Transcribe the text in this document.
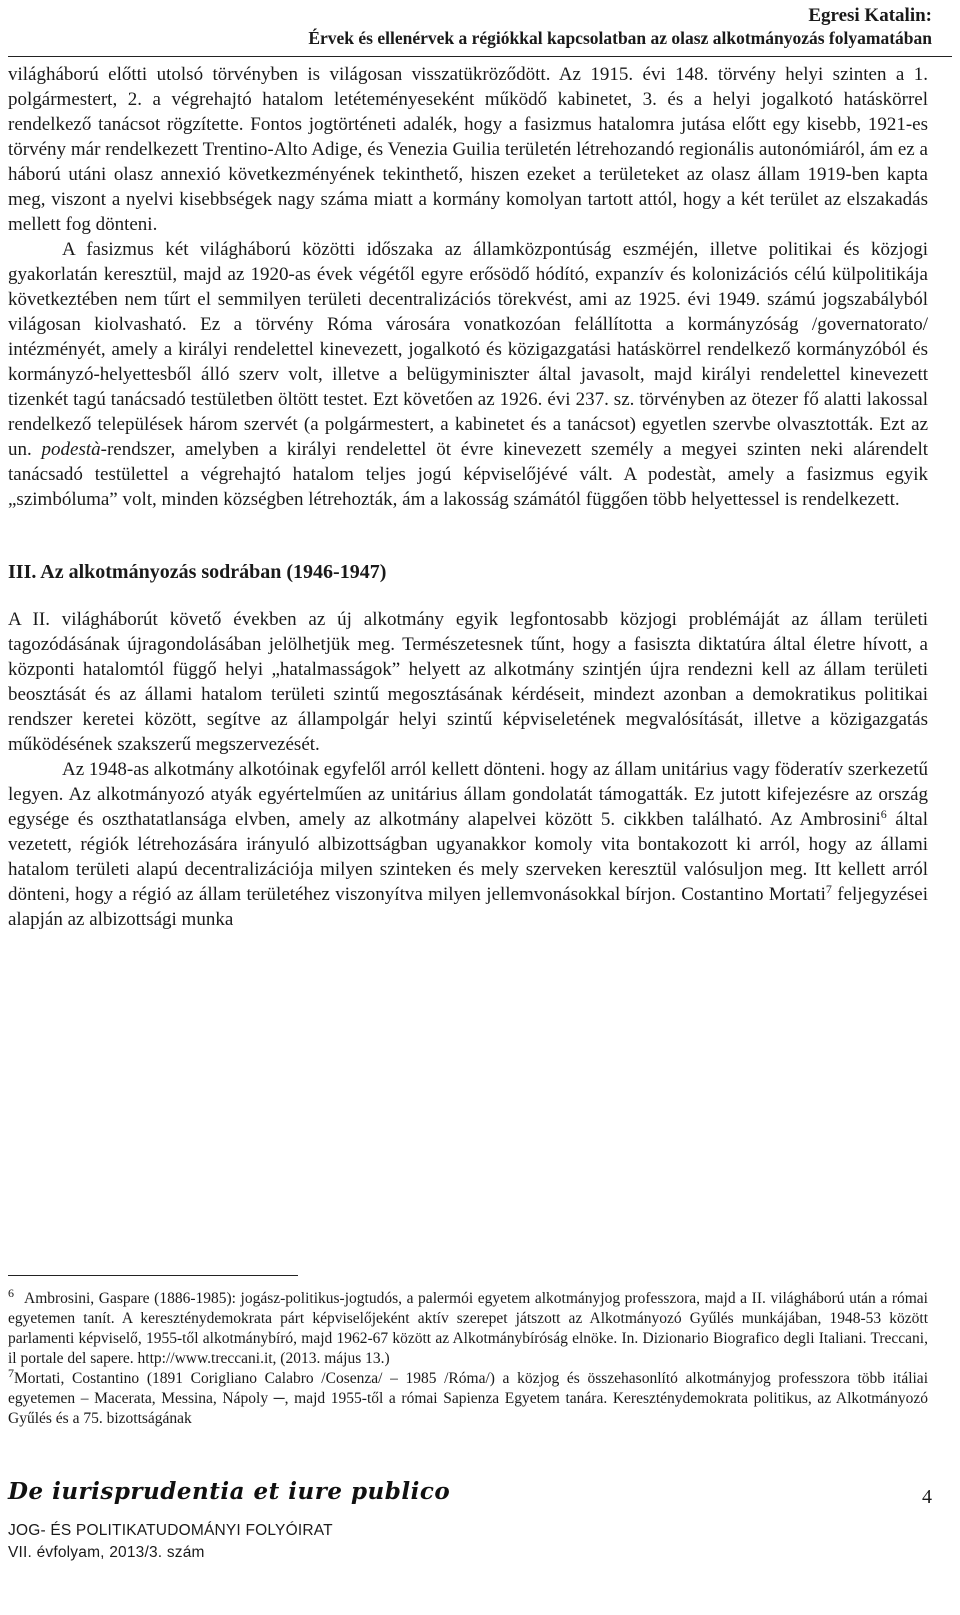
Egresi Katalin:
Érvek és ellenérvek a régiókkal kapcsolatban az olasz alkotmányozás folyamatában

világháború előtti utolsó törvényben is világosan visszatükröződött. Az 1915. évi 148. törvény helyi szinten a 1. polgármestert, 2. a végrehajtó hatalom letéteményeseként működő kabinetet, 3. és a helyi jogalkotó hatáskörrel rendelkező tanácsot rögzítette. Fontos jogtörténeti adalék, hogy a fasizmus hatalomra jutása előtt egy kisebb, 1921-es törvény már rendelkezett Trentino-Alto Adige, és Venezia Guilia területén létrehozandó regionális autonómiáról, ám ez a háború utáni olasz annexió következményének tekinthető, hiszen ezeket a területeket az olasz állam 1919-ben kapta meg, viszont a nyelvi kisebbségek nagy száma miatt a kormány komolyan tartott attól, hogy a két terület az elszakadás mellett fog dönteni.

A fasizmus két világháború közötti időszaka az államközpontúság eszméjén, illetve politikai és közjogi gyakorlatán keresztül, majd az 1920-as évek végétől egyre erősödő hódító, expanzív és kolonizációs célú külpolitikája következtében nem tűrt el semmilyen területi decentralizációs törekvést, ami az 1925. évi 1949. számú jogszabályból világosan kiolvasható. Ez a törvény Róma városára vonatkozóan felállította a kormányzóság /governatorato/ intézményét, amely a királyi rendelettel kinevezett, jogalkotó és közigazgatási hatáskörrel rendelkező kormányzóból és kormányzó-helyettesből álló szerv volt, illetve a belügyminiszter által javasolt, majd királyi rendelettel kinevezett tizenkét tagú tanácsadó testületben öltött testet. Ezt követően az 1926. évi 237. sz. törvényben az ötezer fő alatti lakossal rendelkező települések három szervét (a polgármestert, a kabinetet és a tanácsot) egyetlen szervbe olvasztották. Ezt az un. podestà-rendszer, amelyben a királyi rendelettel öt évre kinevezett személy a megyei szinten neki alárendelt tanácsadó testülettel a végrehajtó hatalom teljes jogú képviselőjévé vált. A podestàt, amely a fasizmus egyik „szimbóluma” volt, minden községben létrehozták, ám a lakosság számától függően több helyettessel is rendelkezett.

III. Az alkotmányozás sodrában (1946-1947)

A II. világháborút követő években az új alkotmány egyik legfontosabb közjogi problémáját az állam területi tagozódásának újragondolásában jelölhetjük meg. Természetesnek tűnt, hogy a fasiszta diktatúra által életre hívott, a központi hatalomtól függő helyi „hatalmasságok” helyett az alkotmány szintjén újra rendezni kell az állam területi beosztását és az állami hatalom területi szintű megosztásának kérdéseit, mindezt azonban a demokratikus politikai rendszer keretei között, segítve az állampolgár helyi szintű képviseletének megvalósítását, illetve a közigazgatás működésének szakszerű megszervezését.

Az 1948-as alkotmány alkotóinak egyfelől arról kellett dönteni. hogy az állam unitárius vagy föderatív szerkezetű legyen. Az alkotmányozó atyák egyértelműen az unitárius állam gondolatát támogatták. Ez jutott kifejezésre az ország egysége és oszthatatlansága elvben, amely az alkotmány alapelvei között 5. cikkben található. Az Ambrosini$^6$ által vezetett, régiók létrehozására irányuló albizottságban ugyanakkor komoly vita bontakozott ki arról, hogy az állami hatalom területi alapú decentralizációja milyen szinteken és mely szerveken keresztül valósuljon meg. Itt kellett arról dönteni, hogy a régió az állam területéhez viszonyítva milyen jellemvonásokkal bírjon. Costantino Mortati$^7$ feljegyzései alapján az albizottsági munka

$^6$ Ambrosini, Gaspare (1886-1985): jogász-politikus-jogtudós, a palermói egyetem alkotmányjog professzora, majd a II. világháború után a római egyetemen tanít. A kereszténydemokrata párt képviselőjeként aktív szerepet játszott az Alkotmányozó Gyűlés munkájában, 1948-53 között parlamenti képviselő, 1955-től alkotmánybíró, majd 1962-67 között az Alkotmánybíróság elnöke. In. Dizionario Biografico degli Italiani. Treccani, il portale del sapere. http://www.treccani.it, (2013. május 13.)

$^7$Mortati, Costantino (1891 Corigliano Calabro /Cosenza/ – 1985 /Róma/) a közjog és összehasonlító alkotmányjog professzora több itáliai egyetemen – Macerata, Messina, Nápoly ─, majd 1955-től a római Sapienza Egyetem tanára. Kereszténydemokrata politikus, az Alkotmányozó Gyűlés és a 75. bizottságának

De iurisprudentia et iure publico	4
JOG- ÉS POLITIKATUDOMÁNYI FOLYÓIRAT
VII. évfolyam, 2013/3. szám
